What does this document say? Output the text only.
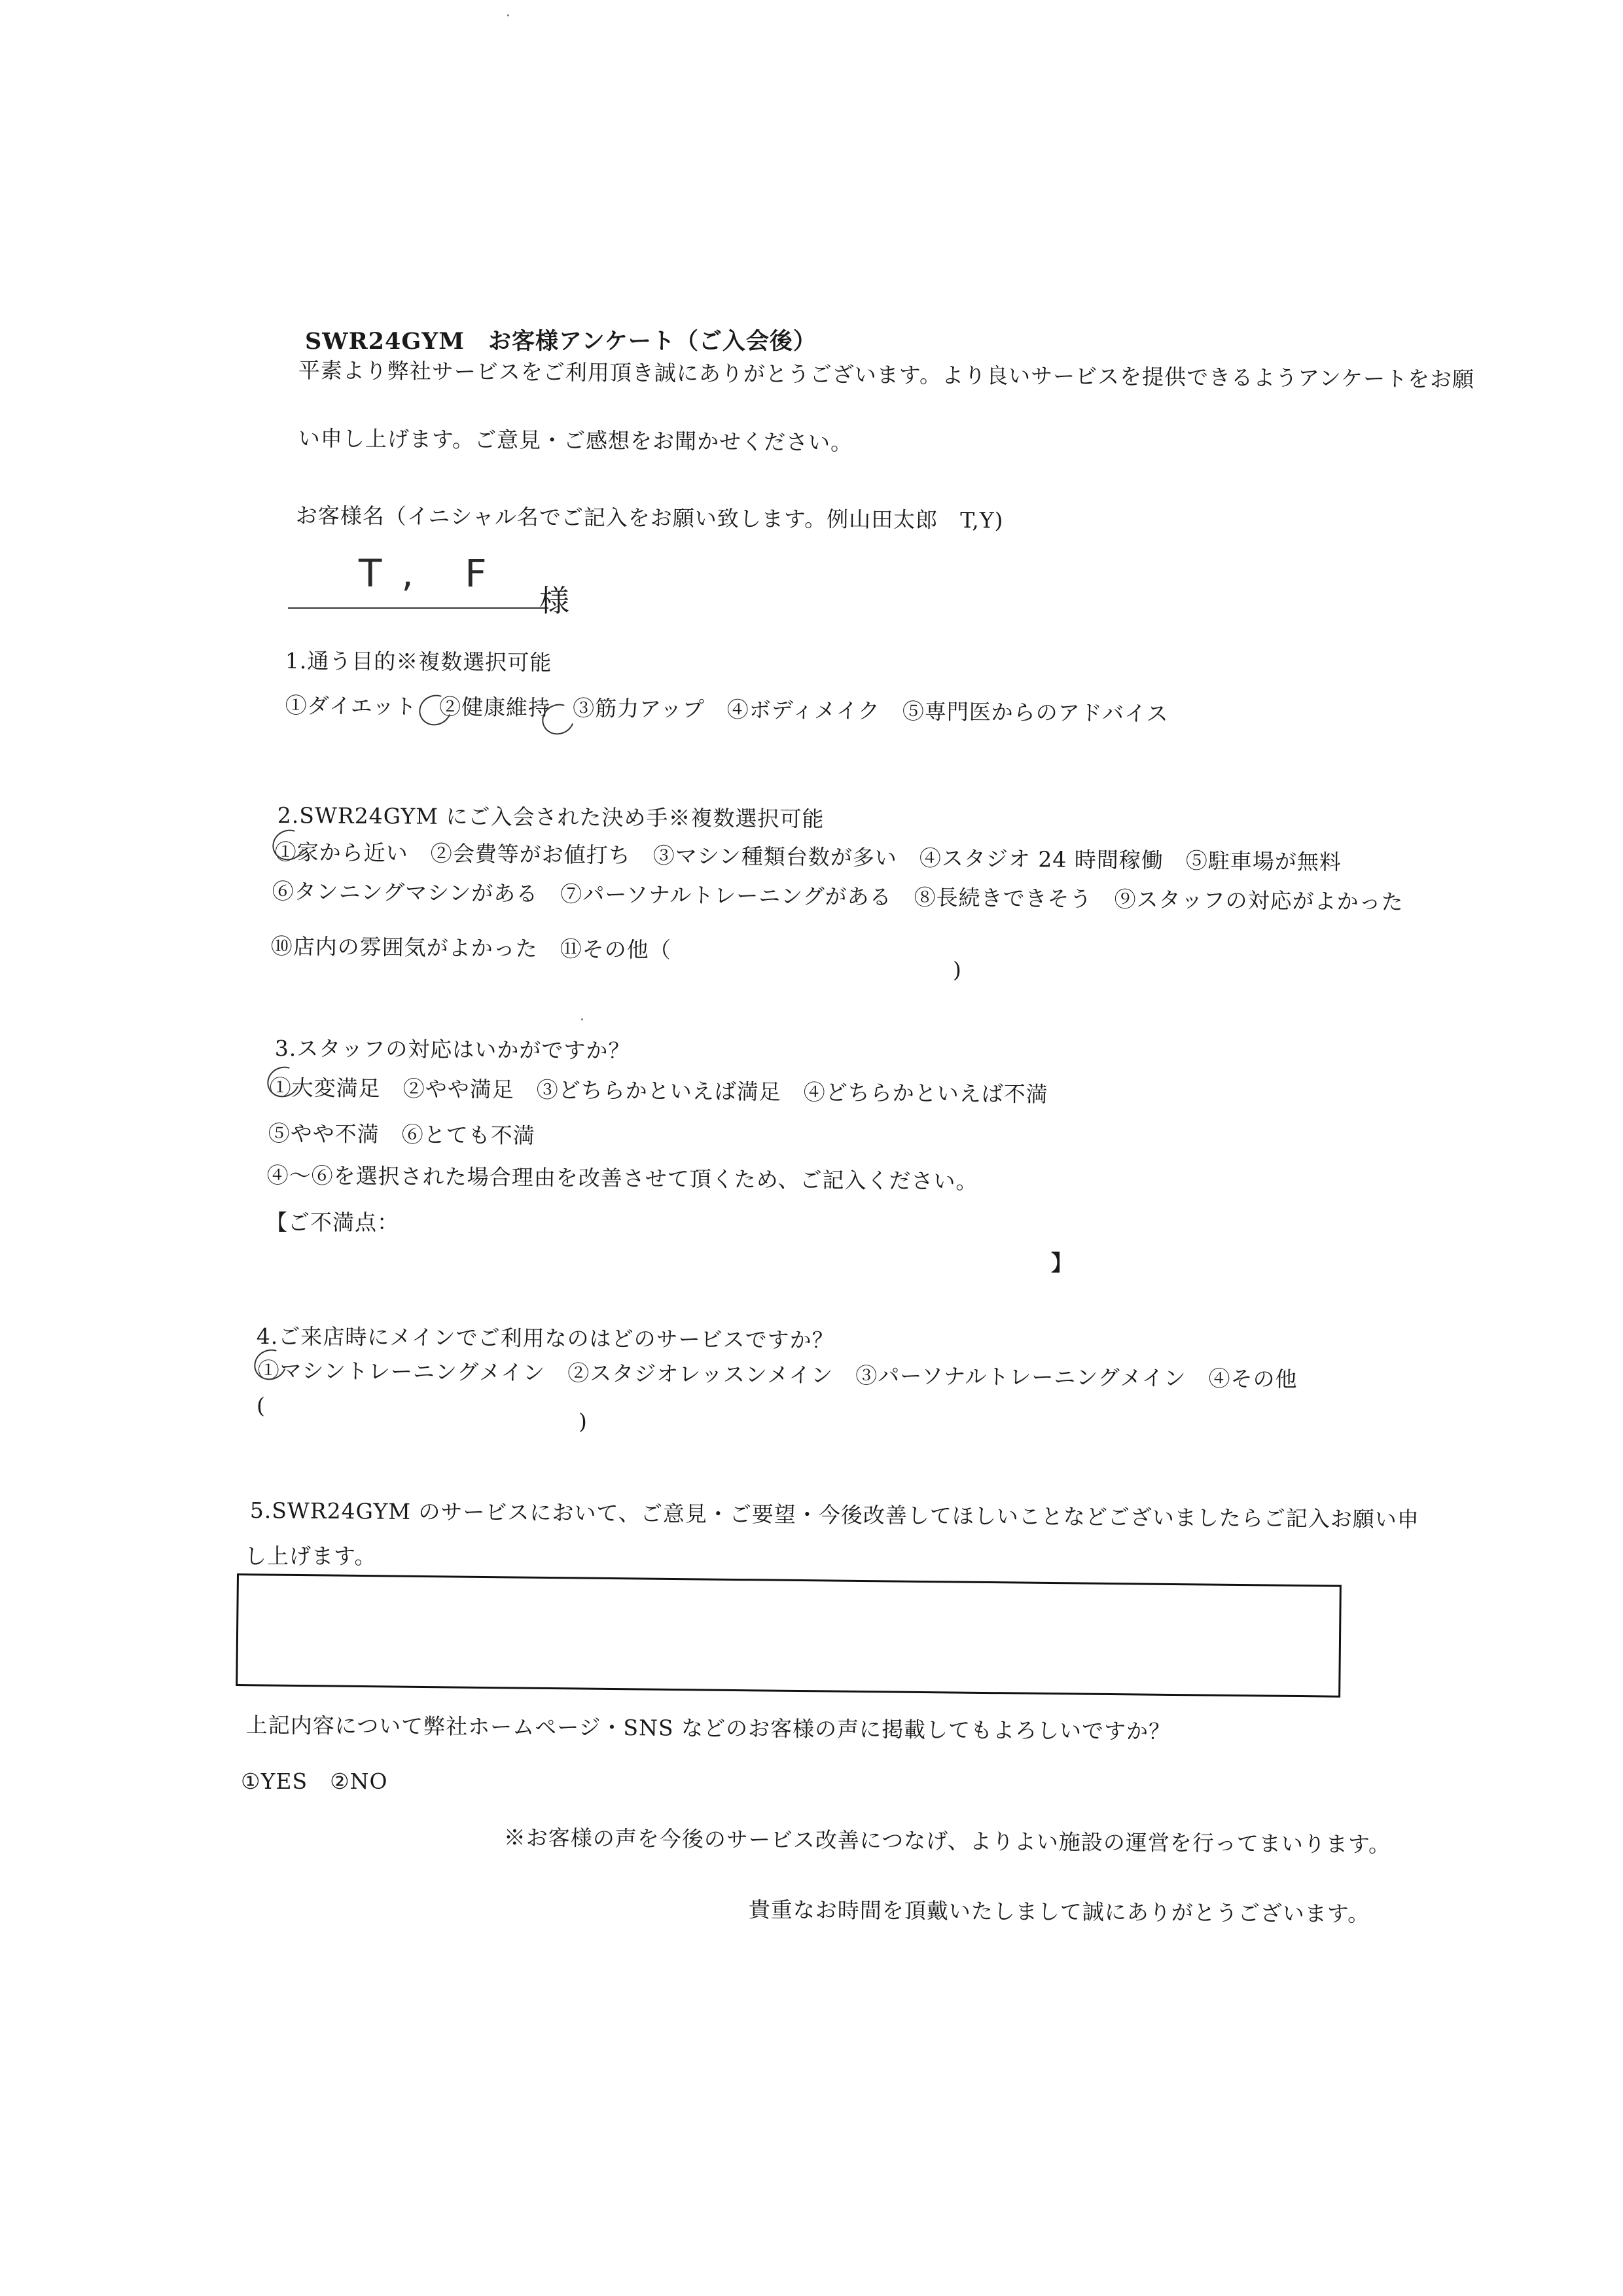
SWR24GYM　お客様アンケート（ご入会後）
平素より弊社サービスをご利用頂き誠にありがとうございます。より良いサービスを提供できるようアンケートをお願
い申し上げます。ご意見・ご感想をお聞かせください。
お客様名（イニシャル名でご記入をお願い致します。例山田太郎　T,Y)
T, F
様
1.通う目的※複数選択可能
①ダイエット　②健康維持　③筋力アップ　④ボディメイク　⑤専門医からのアドバイス
2.SWR24GYM にご入会された決め手※複数選択可能
①家から近い　②会費等がお値打ち　③マシン種類台数が多い　④スタジオ 24 時間稼働　⑤駐車場が無料
⑥タンニングマシンがある　⑦パーソナルトレーニングがある　⑧長続きできそう　⑨スタッフの対応がよかった
⑩店内の雰囲気がよかった　⑪その他（
)
3.スタッフの対応はいかがですか？
①大変満足　②やや満足　③どちらかといえば満足　④どちらかといえば不満
⑤やや不満　⑥とても不満
④～⑥を選択された場合理由を改善させて頂くため、ご記入ください。
【ご不満点：
】
4.ご来店時にメインでご利用なのはどのサービスですか？
①マシントレーニングメイン　②スタジオレッスンメイン　③パーソナルトレーニングメイン　④その他
(
)
5.SWR24GYM のサービスにおいて、ご意見・ご要望・今後改善してほしいことなどございましたらご記入お願い申
し上げます。
上記内容について弊社ホームページ・SNS などのお客様の声に掲載してもよろしいですか？
①YES　②NO
※お客様の声を今後のサービス改善につなげ、よりよい施設の運営を行ってまいります。
貴重なお時間を頂戴いたしまして誠にありがとうございます。
